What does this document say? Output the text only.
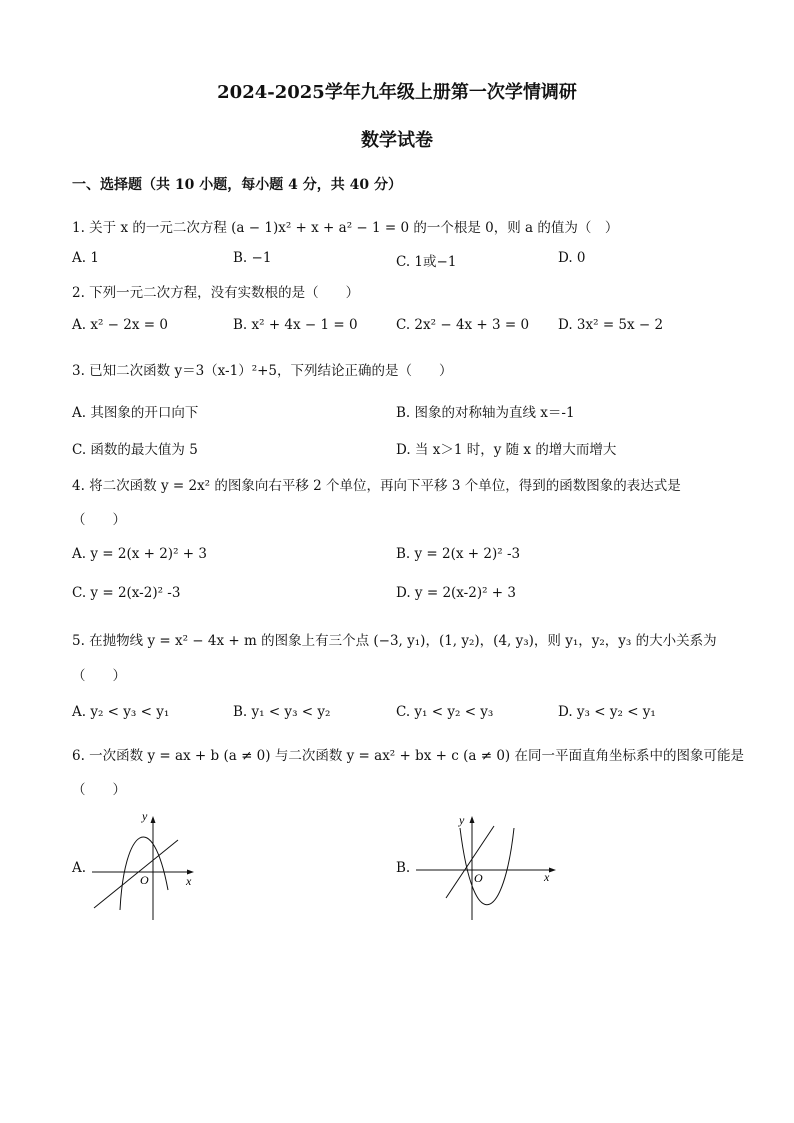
2024-2025学年九年级上册第一次学情调研
数学试卷
一、选择题（共 10 小题，每小题 4 分，共 40 分）
1. 关于 x 的一元二次方程 (a − 1)x² + x + a² − 1 = 0 的一个根是 0，则 a 的值为（　）
A. 1	B. −1	C. 1或−1	D. 0
2. 下列一元二次方程，没有实数根的是（　　）
A. x² − 2x = 0	B. x² + 4x − 1 = 0	C. 2x² − 4x + 3 = 0 D. 3x² = 5x − 2
3. 已知二次函数 y＝3（x-1）²+5，下列结论正确的是（　　）
A. 其图象的开口向下	B. 图象的对称轴为直线 x＝-1
C. 函数的最大值为 5	D. 当 x＞1 时，y 随 x 的增大而增大
4. 将二次函数 y = 2x² 的图象向右平移 2 个单位，再向下平移 3 个单位，得到的函数图象的表达式是
（　　）
A. y = 2(x + 2)² + 3	B. y = 2(x + 2)² -3
C. y = 2(x-2)² -3	D. y = 2(x-2)² + 3
5. 在抛物线 y = x² − 4x + m 的图象上有三个点 (−3, y₁)，(1, y₂)，(4, y₃)，则 y₁，y₂，y₃ 的大小关系为
（　　）
A. y₂ < y₃ < y₁	B. y₁ < y₃ < y₂	C. y₁ < y₂ < y₃	D. y₃ < y₂ < y₁
6. 一次函数 y = ax + b (a ≠ 0) 与二次函数 y = ax² + bx + c (a ≠ 0) 在同一平面直角坐标系中的图象可能是
（　　）
A.	B.
y
x
O
y
x
O
